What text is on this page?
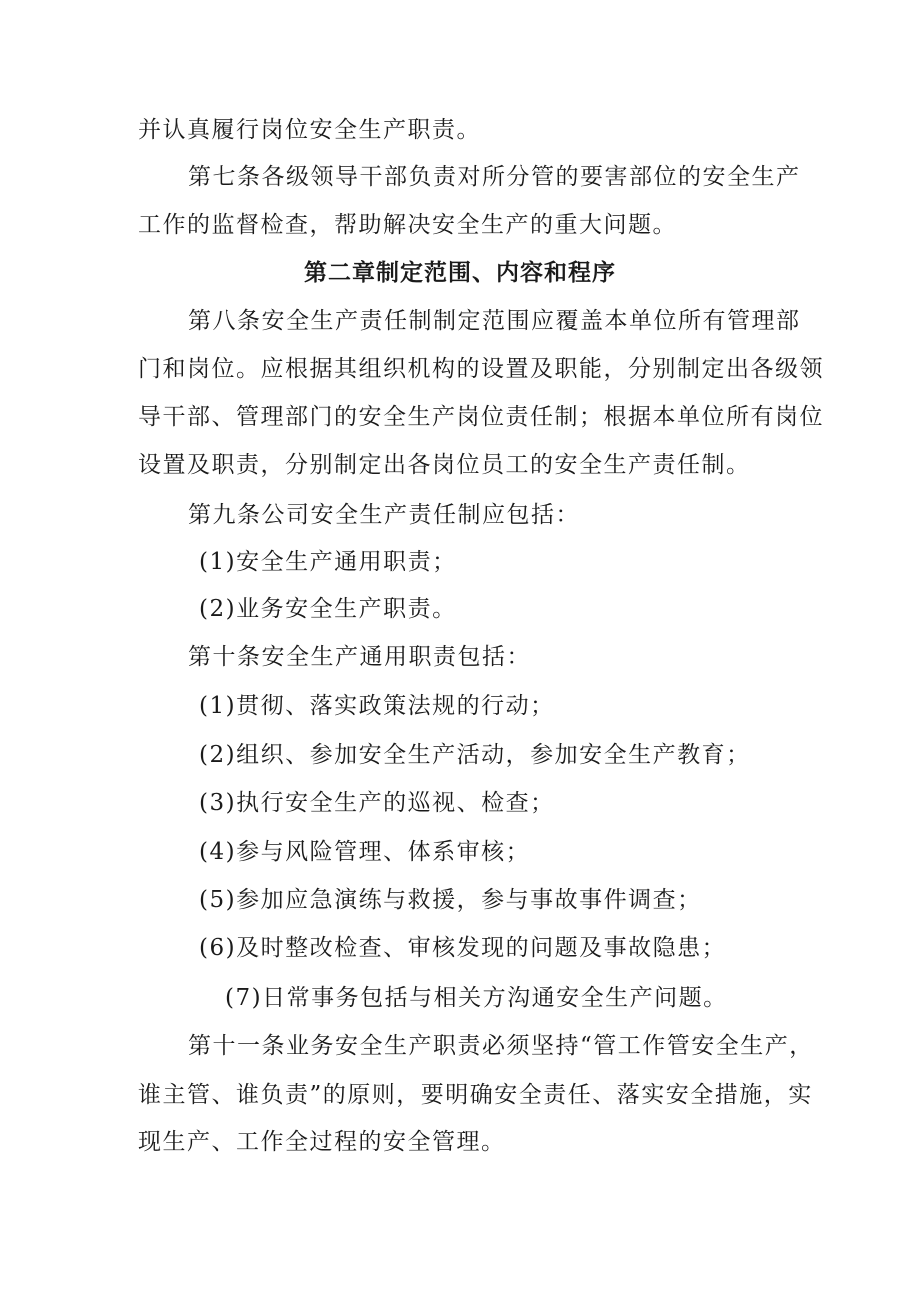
并认真履行岗位安全生产职责。
第七条各级领导干部负责对所分管的要害部位的安全生产
工作的监督检查，帮助解决安全生产的重大问题。
第二章制定范围、内容和程序
第八条安全生产责任制制定范围应覆盖本单位所有管理部
门和岗位。应根据其组织机构的设置及职能，分别制定出各级领
导干部、管理部门的安全生产岗位责任制；根据本单位所有岗位
设置及职责，分别制定出各岗位员工的安全生产责任制。
第九条公司安全生产责任制应包括：
(1)安全生产通用职责；
(2)业务安全生产职责。
第十条安全生产通用职责包括：
(1)贯彻、落实政策法规的行动；
(2)组织、参加安全生产活动，参加安全生产教育；
(3)执行安全生产的巡视、检查；
(4)参与风险管理、体系审核；
(5)参加应急演练与救援，参与事故事件调查；
(6)及时整改检查、审核发现的问题及事故隐患；
(7)日常事务包括与相关方沟通安全生产问题。
第十一条业务安全生产职责必须坚持“管工作管安全生产，
谁主管、谁负责”的原则，要明确安全责任、落实安全措施，实
现生产、工作全过程的安全管理。
